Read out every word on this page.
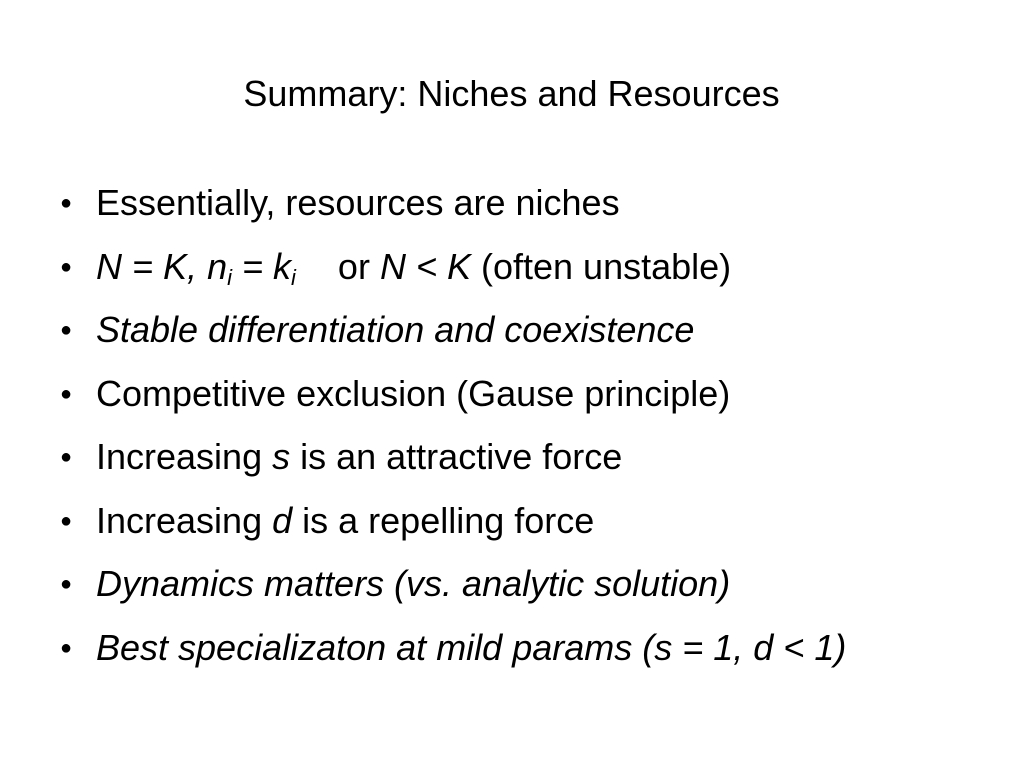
Summary: Niches and Resources
● Essentially, resources are niches
● N = K, $n_i = k_i$ or N < K (often unstable)
● Stable differentiation and coexistence
● Competitive exclusion (Gause principle)
● Increasing s is an attractive force
● Increasing d is a repelling force
● Dynamics matters (vs. analytic solution)
● Best specializaton at mild params (s = 1, d < 1)
